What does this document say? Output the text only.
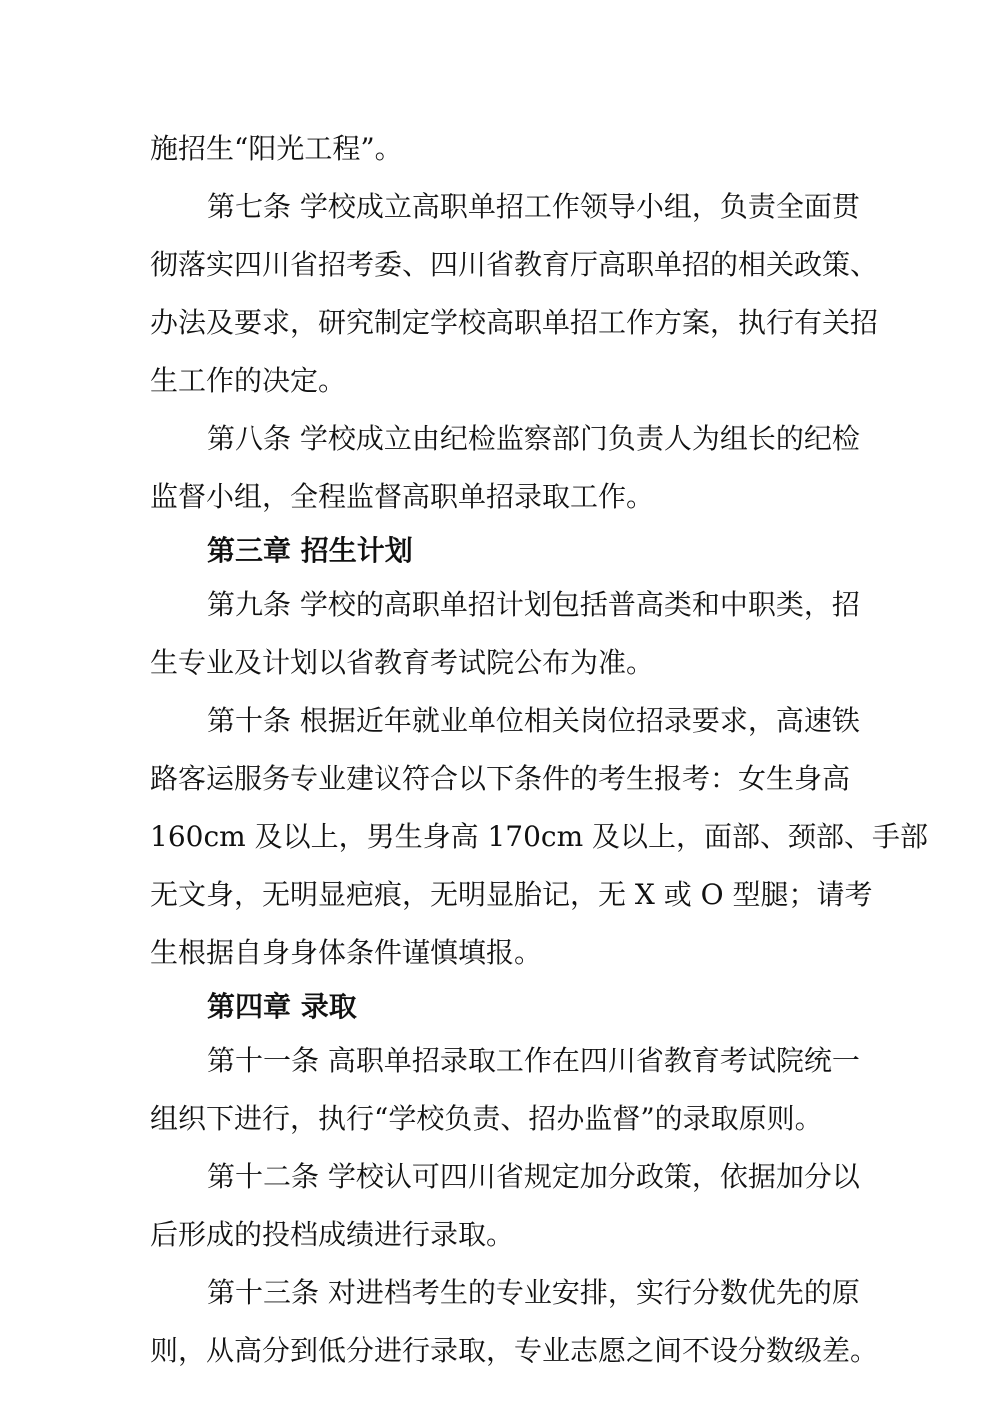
施招生“阳光工程”。
第七条 学校成立高职单招工作领导小组，负责全面贯
彻落实四川省招考委、四川省教育厅高职单招的相关政策、
办法及要求，研究制定学校高职单招工作方案，执行有关招
生工作的决定。
第八条 学校成立由纪检监察部门负责人为组长的纪检
监督小组，全程监督高职单招录取工作。
第三章 招生计划
第九条 学校的高职单招计划包括普高类和中职类，招
生专业及计划以省教育考试院公布为准。
第十条 根据近年就业单位相关岗位招录要求，高速铁
路客运服务专业建议符合以下条件的考生报考：女生身高
160cm 及以上，男生身高 170cm 及以上，面部、颈部、手部
无文身，无明显疤痕，无明显胎记，无 X 或 O 型腿；请考
生根据自身身体条件谨慎填报。
第四章 录取
第十一条 高职单招录取工作在四川省教育考试院统一
组织下进行，执行“学校负责、招办监督”的录取原则。
第十二条 学校认可四川省规定加分政策，依据加分以
后形成的投档成绩进行录取。
第十三条 对进档考生的专业安排，实行分数优先的原
则，从高分到低分进行录取，专业志愿之间不设分数级差。
